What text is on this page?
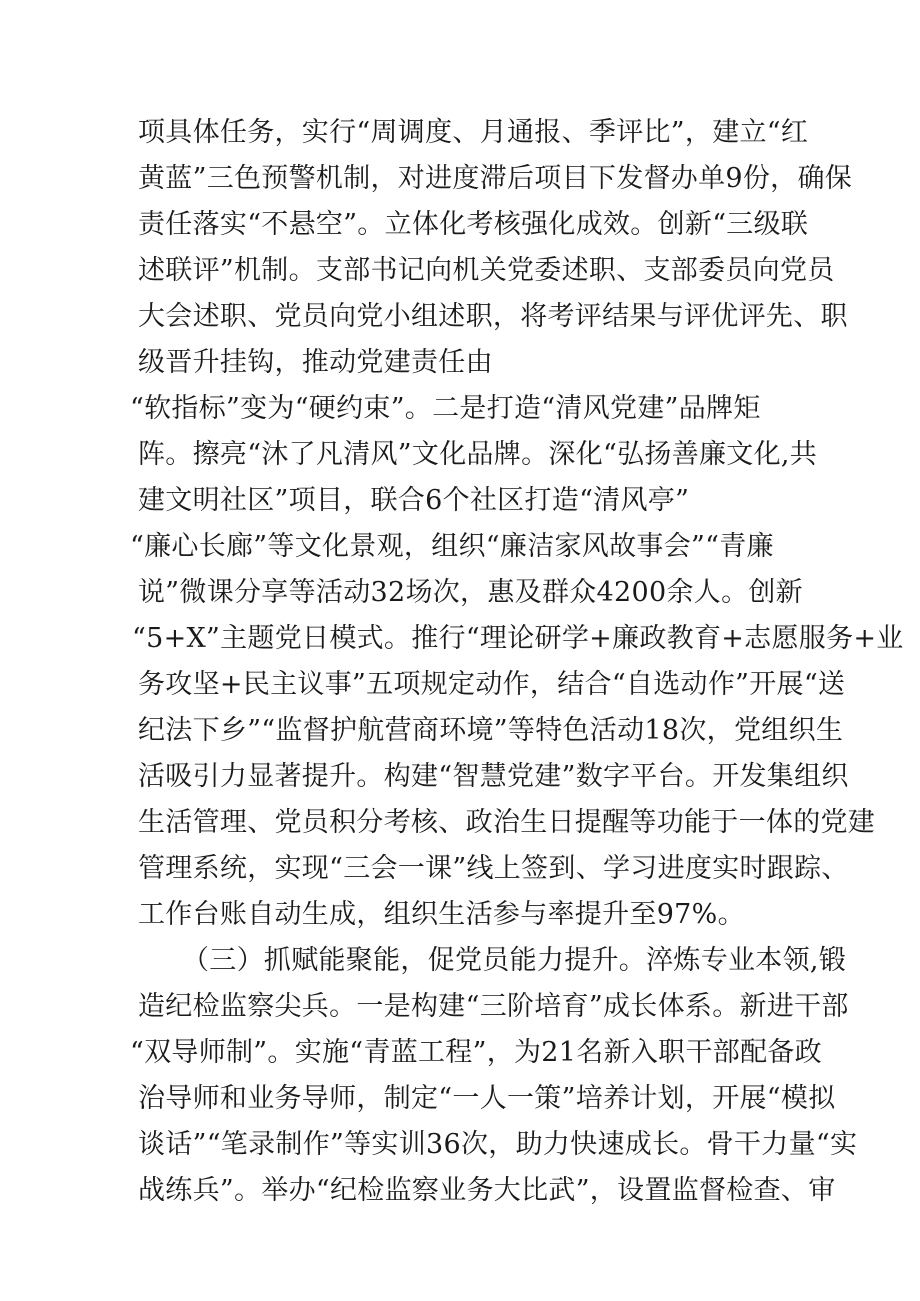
项具体任务，实行“周调度、月通报、季评比”，建立“红
黄蓝”三色预警机制，对进度滞后项目下发督办单9份，确保
责任落实“不悬空”。立体化考核强化成效。创新“三级联
述联评”机制。支部书记向机关党委述职、支部委员向党员
大会述职、党员向党小组述职，将考评结果与评优评先、职
级晋升挂钩，推动党建责任由
“软指标”变为“硬约束”。二是打造“清风党建”品牌矩
阵。擦亮“沐了凡清风”文化品牌。深化“弘扬善廉文化,共
建文明社区”项目，联合6个社区打造“清风亭”
“廉心长廊”等文化景观，组织“廉洁家风故事会”“青廉
说”微课分享等活动32场次，惠及群众4200余人。创新
“5+X”主题党日模式。推行“理论研学+廉政教育+志愿服务+业
务攻坚+民主议事”五项规定动作，结合“自选动作”开展“送
纪法下乡”“监督护航营商环境”等特色活动18次，党组织生
活吸引力显著提升。构建“智慧党建”数字平台。开发集组织
生活管理、党员积分考核、政治生日提醒等功能于一体的党建
管理系统，实现“三会一课”线上签到、学习进度实时跟踪、
工作台账自动生成，组织生活参与率提升至97%。
（三）抓赋能聚能，促党员能力提升。淬炼专业本领,锻
造纪检监察尖兵。一是构建“三阶培育”成长体系。新进干部
“双导师制”。实施“青蓝工程”，为21名新入职干部配备政
治导师和业务导师，制定“一人一策”培养计划，开展“模拟
谈话”“笔录制作”等实训36次，助力快速成长。骨干力量“实
战练兵”。举办“纪检监察业务大比武”，设置监督检查、审
